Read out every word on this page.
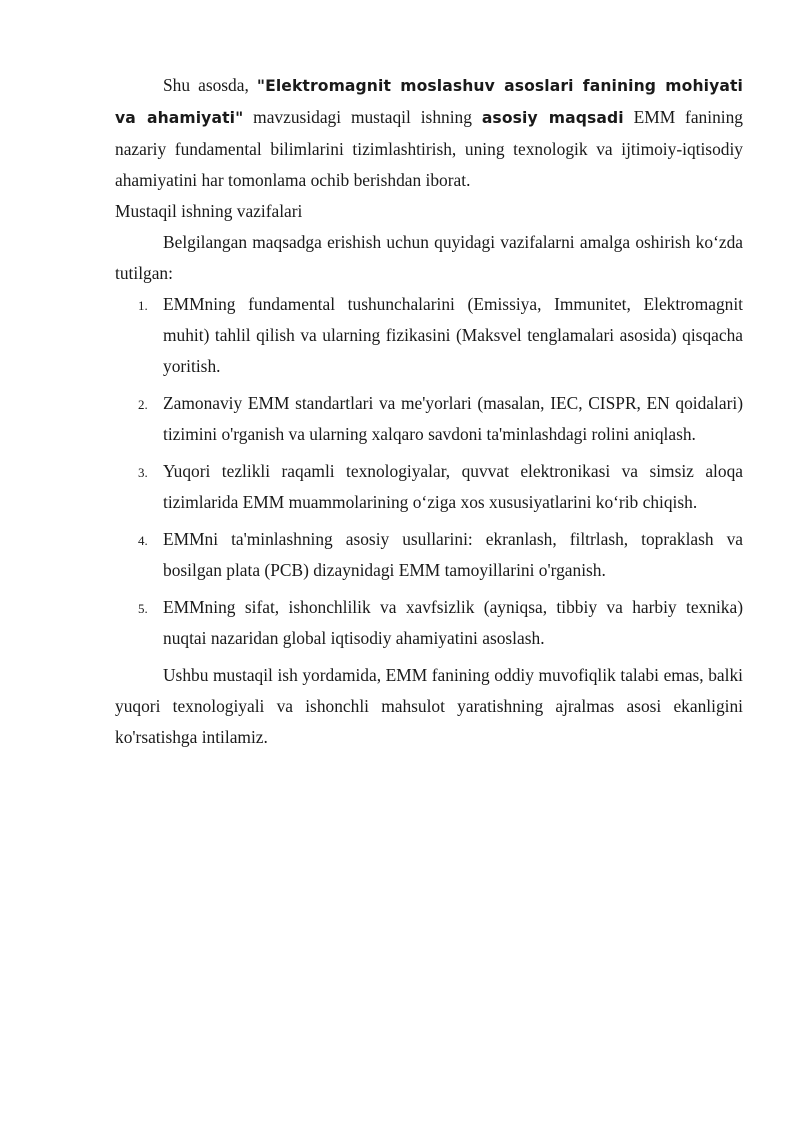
Shu asosda, "Elektromagnit moslashuv asoslari fanining mohiyati va ahamiyati" mavzusidagi mustaqil ishning asosiy maqsadi EMM fanining nazariy fundamental bilimlarini tizimlashtirish, uning texnologik va ijtimoiy-iqtisodiy ahamiyatini har tomonlama ochib berishdan iborat.

Mustaqil ishning vazifalari

Belgilangan maqsadga erishish uchun quyidagi vazifalarni amalga oshirish ko‘zda tutilgan:

1. EMMning fundamental tushunchalarini (Emissiya, Immunitet, Elektromagnit muhit) tahlil qilish va ularning fizikasini (Maksvel tenglamalari asosida) qisqacha yoritish.
2. Zamonaviy EMM standartlari va me'yorlari (masalan, IEC, CISPR, EN qoidalari) tizimini o'rganish va ularning xalqaro savdoni ta'minlashdagi rolini aniqlash.
3. Yuqori tezlikli raqamli texnologiyalar, quvvat elektronikasi va simsiz aloqa tizimlarida EMM muammolarining o‘ziga xos xususiyatlarini ko‘rib chiqish.
4. EMMni ta'minlashning asosiy usullarini: ekranlash, filtrlash, topraklash va bosilgan plata (PCB) dizaynidagi EMM tamoyillarini o'rganish.
5. EMMning sifat, ishonchlilik va xavfsizlik (ayniqsa, tibbiy va harbiy texnika) nuqtai nazaridan global iqtisodiy ahamiyatini asoslash.

Ushbu mustaqil ish yordamida, EMM fanining oddiy muvofiqlik talabi emas, balki yuqori texnologiyali va ishonchli mahsulot yaratishning ajralmas asosi ekanligini ko'rsatishga intilamiz.
